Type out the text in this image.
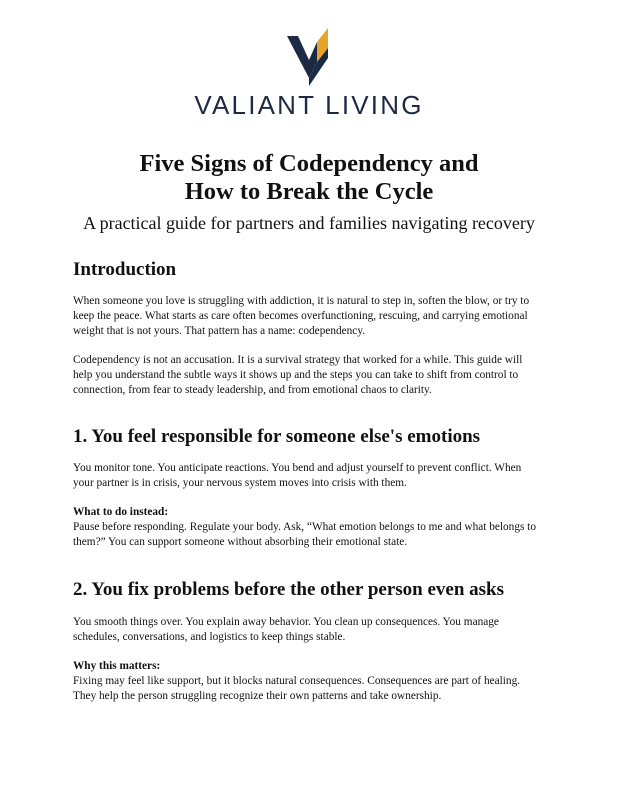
VALIANT LIVING
Five Signs of Codependency and
How to Break the Cycle

A practical guide for partners and families navigating recovery

Introduction

When someone you love is struggling with addiction, it is natural to step in, soften the blow, or try to keep the peace. What starts as care often becomes overfunctioning, rescuing, and carrying emotional weight that is not yours. That pattern has a name: codependency.

Codependency is not an accusation. It is a survival strategy that worked for a while. This guide will help you understand the subtle ways it shows up and the steps you can take to shift from control to connection, from fear to steady leadership, and from emotional chaos to clarity.

1. You feel responsible for someone else's emotions

You monitor tone. You anticipate reactions. You bend and adjust yourself to prevent conflict. When your partner is in crisis, your nervous system moves into crisis with them.

What to do instead:
Pause before responding. Regulate your body. Ask, “What emotion belongs to me and what belongs to them?” You can support someone without absorbing their emotional state.

2. You fix problems before the other person even asks

You smooth things over. You explain away behavior. You clean up consequences. You manage schedules, conversations, and logistics to keep things stable.

Why this matters:
Fixing may feel like support, but it blocks natural consequences. Consequences are part of healing. They help the person struggling recognize their own patterns and take ownership.
